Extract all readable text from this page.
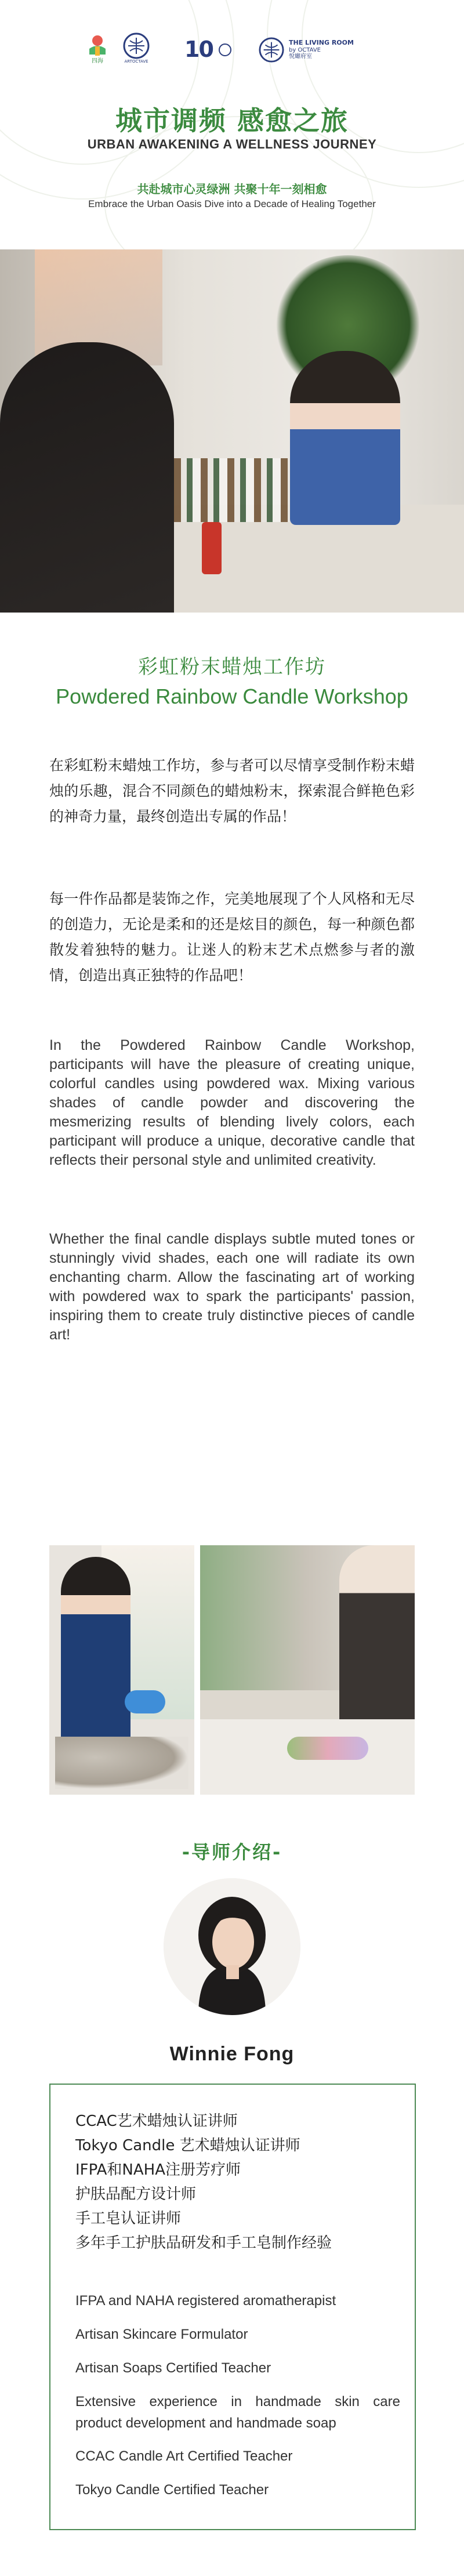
四海	ARTOCTAVE 10	THE LIVING ROOM
by OCTAVE
悅廳府室
城市调频 感愈之旅
URBAN AWAKENING A WELLNESS JOURNEY
共赴城市心灵绿洲 共聚十年一刻相愈
Embrace the Urban Oasis Dive into a Decade of Healing Together
彩虹粉末蜡烛工作坊
Powdered Rainbow Candle Workshop

在彩虹粉末蜡烛工作坊，参与者可以尽情享受制作粉末蜡烛的乐趣，混合不同颜色的蜡烛粉末，探索混合鲜艳色彩的神奇力量，最终创造出专属的作品！

每一件作品都是装饰之作，完美地展现了个人风格和无尽的创造力，无论是柔和的还是炫目的颜色，每一种颜色都散发着独特的魅力。让迷人的粉末艺术点燃参与者的激情，创造出真正独特的作品吧！

In the Powdered Rainbow Candle Workshop, participants will have the pleasure of creating unique, colorful candles using powdered wax. Mixing various shades of candle powder and discovering the mesmerizing results of blending lively colors, each participant will produce a unique, decorative candle that reflects their personal style and unlimited creativity.

Whether the final candle displays subtle muted tones or stunningly vivid shades, each one will radiate its own enchanting charm. Allow the fascinating art of working with powdered wax to spark the participants' passion, inspiring them to create truly distinctive pieces of candle art!

-导师介绍-
Winnie Fong
CCAC艺术蜡烛认证讲师
Tokyo Candle 艺术蜡烛认证讲师
IFPA和NAHA注册芳疗师
护肤品配方设计师
手工皂认证讲师
多年手工护肤品研发和手工皂制作经验
IFPA and NAHA registered aromatherapist
Artisan Skincare Formulator
Artisan Soaps Certified Teacher
Extensive experience in handmade skin care product development and handmade soap
CCAC Candle Art Certified Teacher
Tokyo Candle Certified Teacher
